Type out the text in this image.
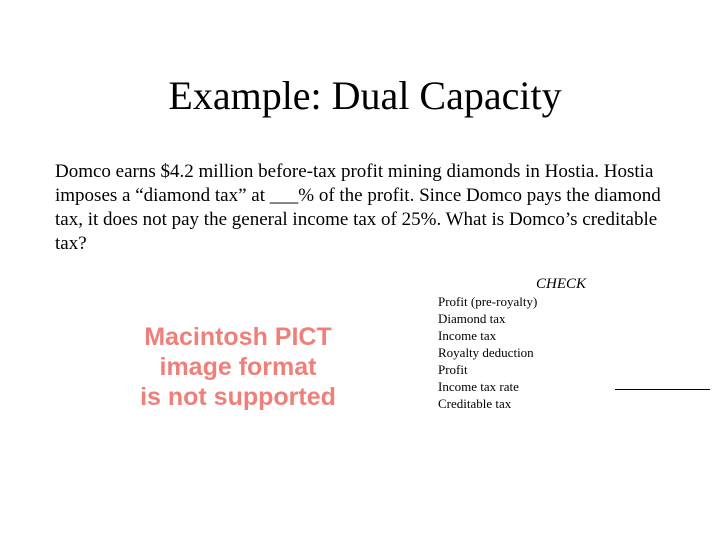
Example: Dual Capacity
Domco earns $4.2 million before-tax profit mining diamonds in Hostia. Hostia imposes a “diamond tax” at ___% of the profit. Since Domco pays the diamond tax, it does not pay the general income tax of 25%. What is Domco’s creditable tax?
Macintosh PICT
image format
is not supported
CHECK
Profit (pre-royalty)
Diamond tax
Income tax
Royalty deduction
Profit
Income tax rate
Creditable tax
